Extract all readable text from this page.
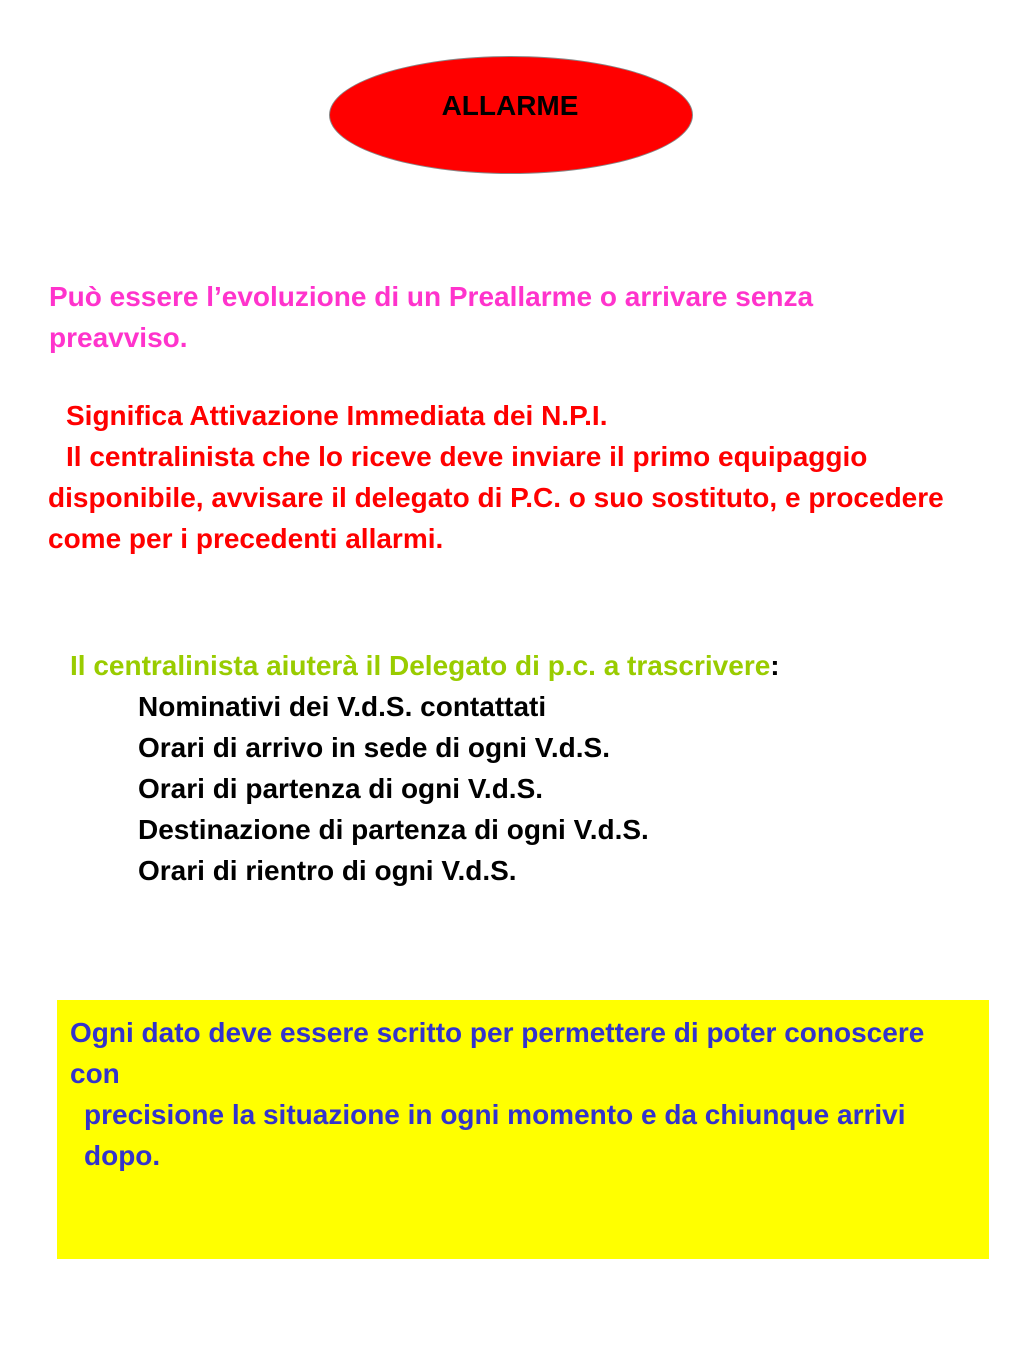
ALLARME
Può essere l’evoluzione di un Preallarme o arrivare senza preavviso.
Significa Attivazione Immediata dei N.P.I.
Il centralinista che lo riceve deve inviare il primo equipaggio disponibile, avvisare il delegato di P.C. o suo sostituto, e procedere come per i precedenti allarmi.
Il centralinista aiuterà il Delegato di p.c. a trascrivere:
Nominativi dei V.d.S. contattati
Orari di arrivo in sede di ogni V.d.S.
Orari di partenza di ogni V.d.S.
Destinazione di partenza di ogni V.d.S.
Orari di rientro di ogni V.d.S.
Ogni dato deve essere scritto per permettere di poter conoscere con
precisione la situazione in ogni momento e da chiunque arrivi dopo.
